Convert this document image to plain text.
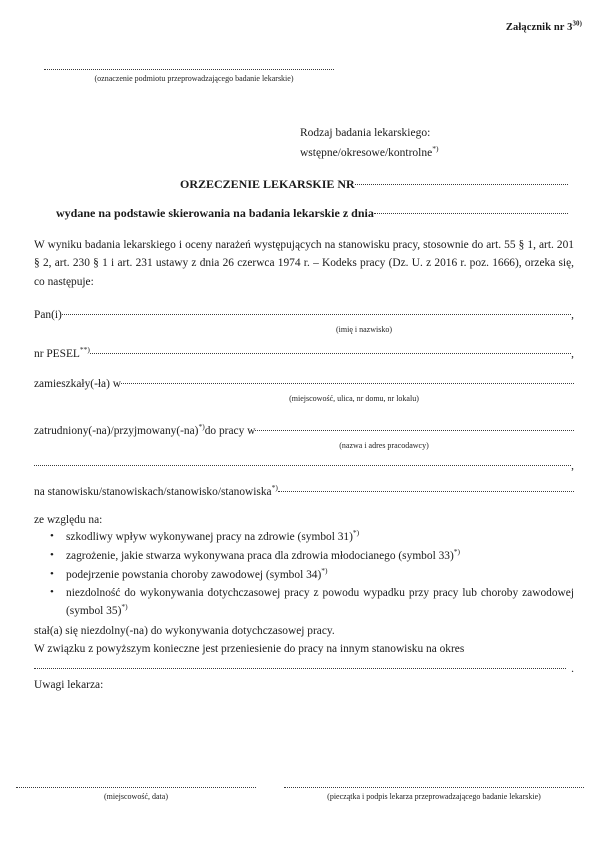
Załącznik nr 3$^{30)}$
(oznaczenie podmiotu przeprowadzającego badanie lekarskie)
Rodzaj badania lekarskiego:
wstępne/okresowe/kontrolne*)
ORZECZENIE LEKARSKIE NR
wydane na podstawie skierowania na badania lekarskie z dnia

W wyniku badania lekarskiego i oceny narażeń występujących na stanowisku pracy, stosownie do art. 55 § 1, art. 201 § 2, art. 230 § 1 i art. 231 ustawy z dnia 26 czerwca 1974 r. – Kodeks pracy (Dz. U. z 2016 r. poz. 1666), orzeka się, co następuje:

Pan(i)	,
(imię i nazwisko)
nr PESEL**)	,
zamieszkały(-ła) w
(miejscowość, ulica, nr domu, nr lokalu)
zatrudniony(-na)/przyjmowany(-na)*)do pracy w
(nazwa i adres pracodawcy)
,
na stanowisku/stanowiskach/stanowisko/stanowiska*)
ze względu na:
• szkodliwy wpływ wykonywanej pracy na zdrowie (symbol 31)*)
• zagrożenie, jakie stwarza wykonywana praca dla zdrowia młodocianego (symbol 33)*)
• podejrzenie powstania choroby zawodowej (symbol 34)*)
• niezdolność do wykonywania dotychczasowej pracy z powodu wypadku przy pracy lub choroby zawodowej (symbol 35)*)
stał(a) się niezdolny(-na) do wykonywania dotychczasowej pracy.
W związku z powyższym konieczne jest przeniesienie do pracy na innym stanowisku na okres
.
Uwagi lekarza:
(miejscowość, data)	(pieczątka i podpis lekarza przeprowadzającego badanie lekarskie)
